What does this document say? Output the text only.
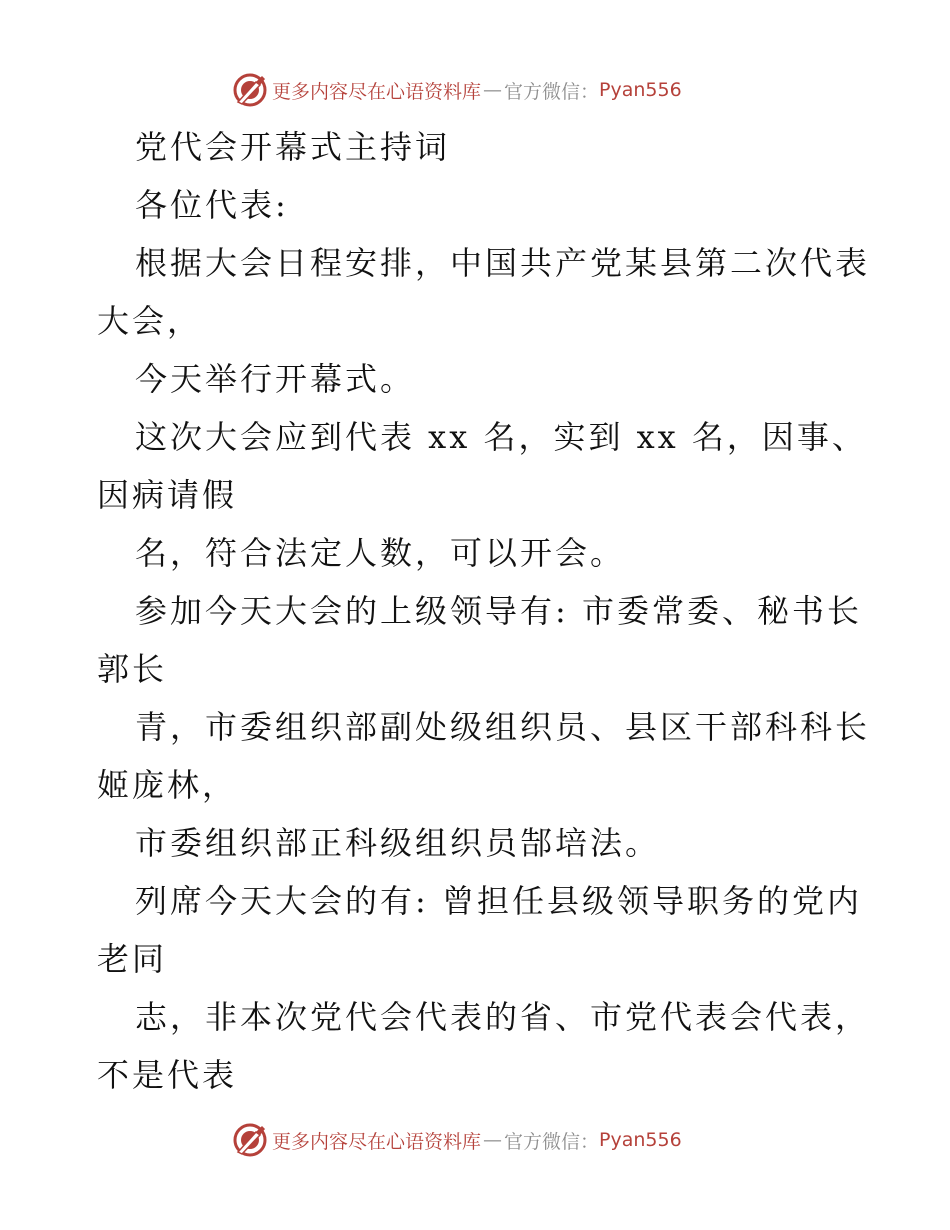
更多内容尽在心语资料库 — 官方微信： Pyan556
党代会开幕式主持词
各位代表:
根据大会日程安排，中国共产党某县第二次代表
大会，
今天举行开幕式。
这次大会应到代表 xx 名，实到 xx 名，因事、
因病请假
名，符合法定人数，可以开会。
参加今天大会的上级领导有: 市委常委、秘书长
郭长
青，市委组织部副处级组织员、县区干部科科长
姬庞林，
市委组织部正科级组织员郜培法。
列席今天大会的有: 曾担任县级领导职务的党内
老同
志，非本次党代会代表的省、市党代表会代表，
不是代表
更多内容尽在心语资料库 — 官方微信： Pyan556
